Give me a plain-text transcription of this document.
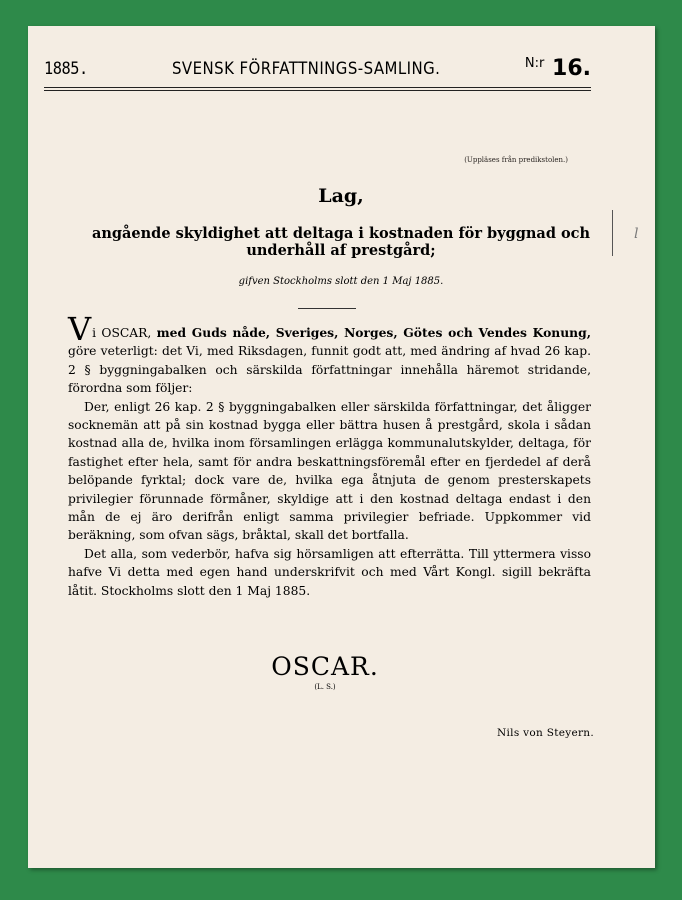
1885.	SVENSK FÖRFATTNINGS-SAMLING.	$^{N:r}$ 16.
(Uppläses från predikstolen.)
Lag,
angående skyldighet att deltaga i kostnaden för byggnad och
underhåll af prestgård;
gifven Stockholms slott den 1 Maj 1885.

Vi OSCAR, med Guds nåde, Sveriges, Norges, Götes och Vendes Konung, göre veterligt: det Vi, med Riksdagen, funnit godt att, med ändring af hvad 26 kap. 2 § byggningabalken och särskilda författningar innehålla häremot stridande, förordna som följer:

Der, enligt 26 kap. 2 § byggningabalken eller särskilda författningar, det åligger socknemän att på sin kostnad bygga eller bättra husen å prestgård, skola i sådan kostnad alla de, hvilka inom församlingen erlägga kommunalutskylder, deltaga, för fastighet efter hela, samt för andra beskattningsföremål efter en fjerdedel af derå belöpande fyrktal; dock vare de, hvilka ega åtnjuta de genom presterskapets privilegier förunnade förmåner, skyldige att i den kostnad deltaga endast i den mån de ej äro derifrån enligt samma privilegier befriade. Uppkommer vid beräkning, som ofvan sägs, bråktal, skall det bortfalla.

Det alla, som vederbör, hafva sig hörsamligen att efterrätta. Till yttermera visso hafve Vi detta med egen hand underskrifvit och med Vårt Kongl. sigill bekräfta låtit. Stockholms slott den 1 Maj 1885.

OSCAR.
(L. S.)
Nils von Steyern.
l
